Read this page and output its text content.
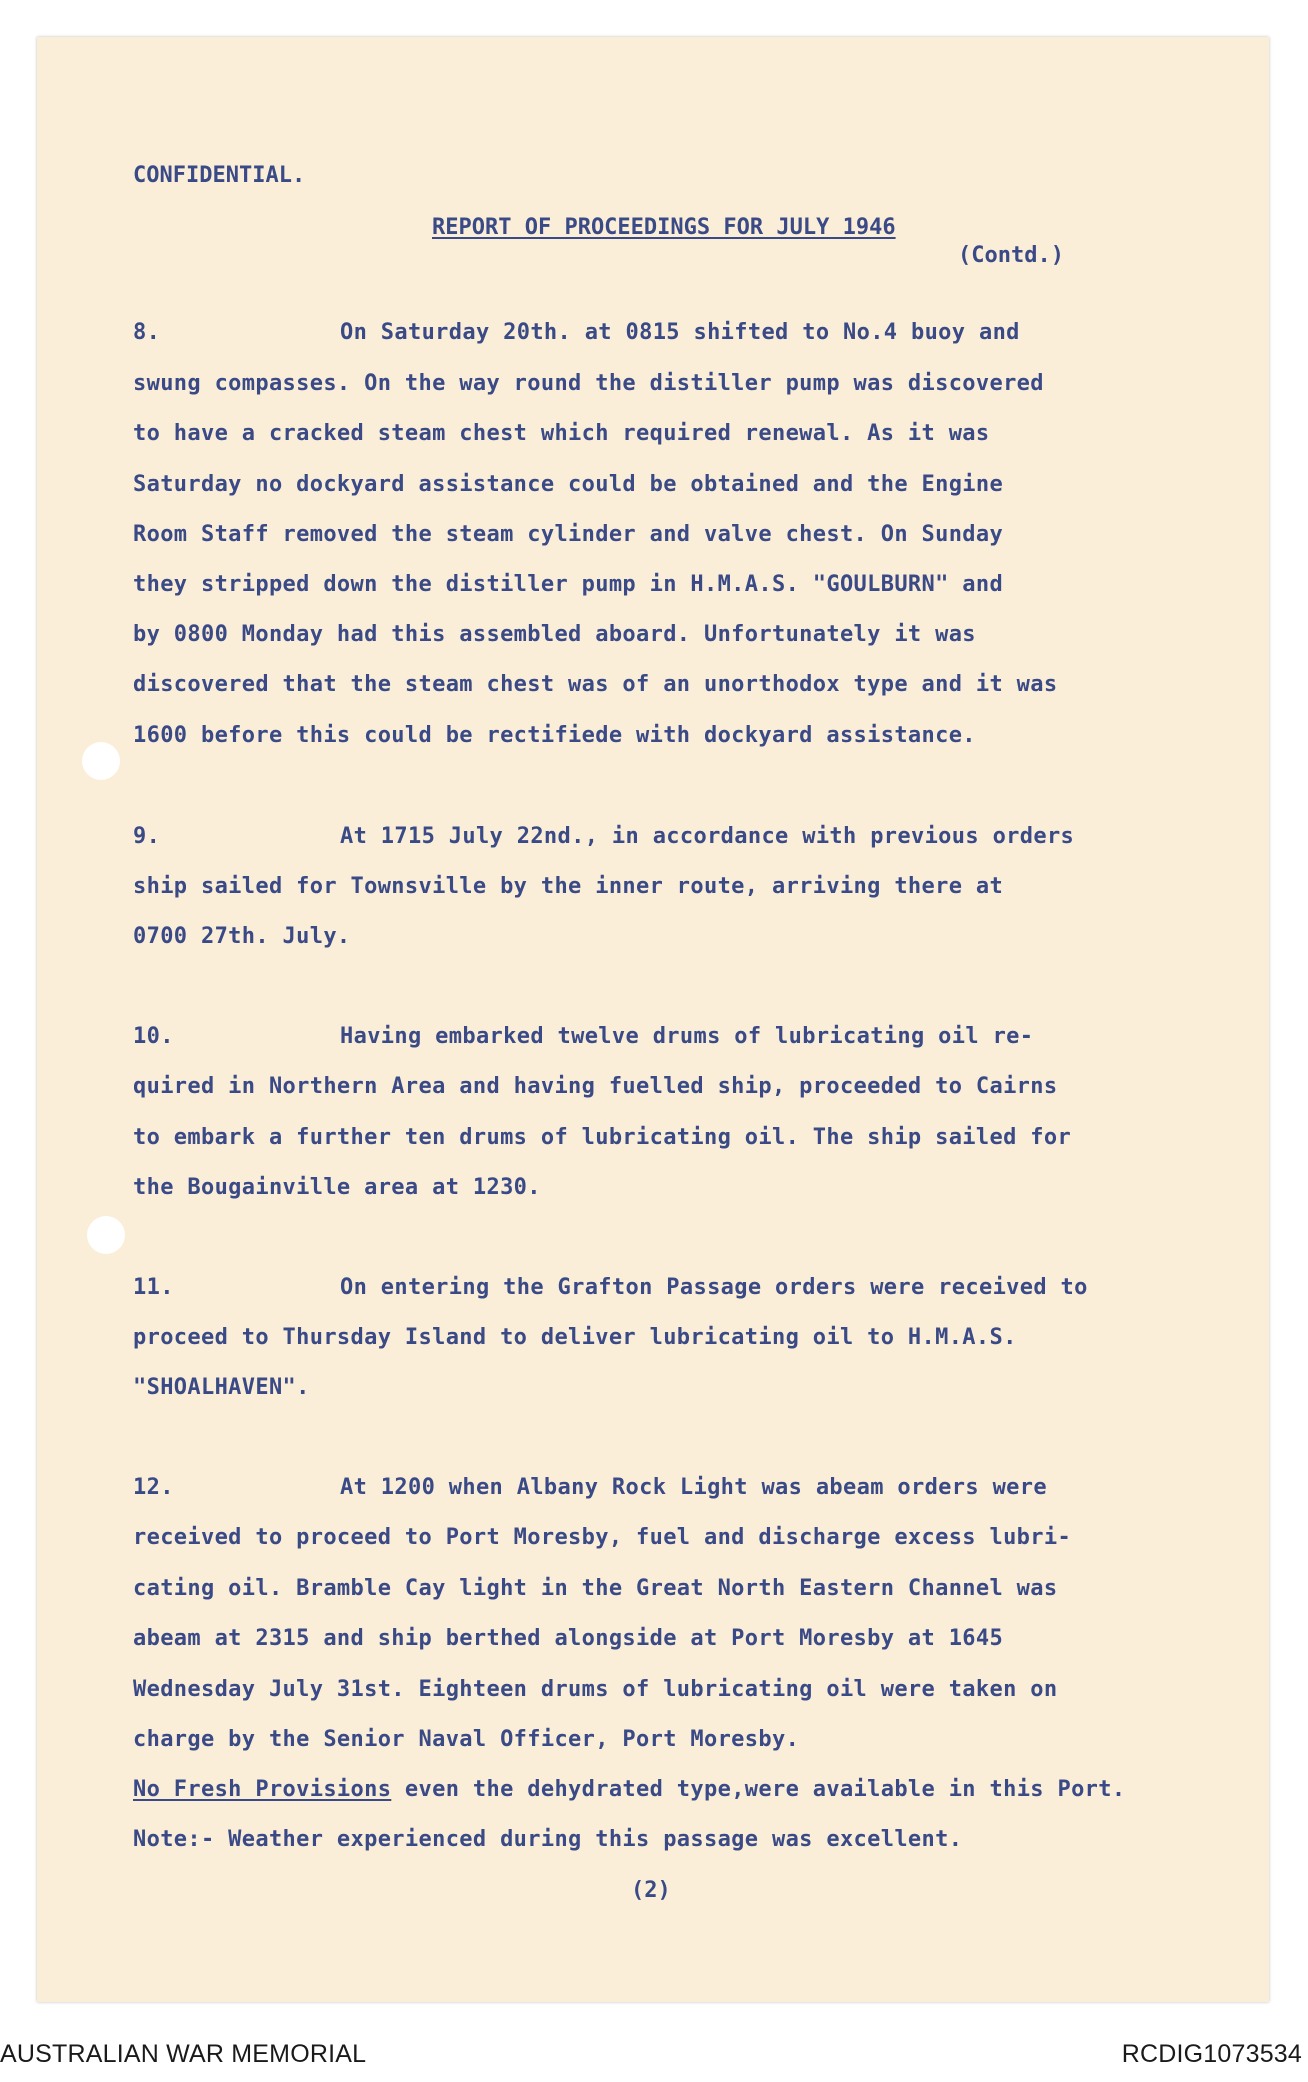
CONFIDENTIAL.
REPORT OF PROCEEDINGS FOR JULY 1946
(Contd.)
8.	On Saturday 20th. at 0815 shifted to No.4 buoy and
swung compasses. On the way round the distiller pump was discovered
to have a cracked steam chest which required renewal. As it was
Saturday no dockyard assistance could be obtained and the Engine
Room Staff removed the steam cylinder and valve chest. On Sunday
they stripped down the distiller pump in H.M.A.S. "GOULBURN" and
by 0800 Monday had this assembled aboard. Unfortunately it was
discovered that the steam chest was of an unorthodox type and it was
1600 before this could be rectifiede with dockyard assistance.
9.	At 1715 July 22nd., in accordance with previous orders
ship sailed for Townsville by the inner route, arriving there at
0700 27th. July.
10.	Having embarked twelve drums of lubricating oil re-
quired in Northern Area and having fuelled ship, proceeded to Cairns
to embark a further ten drums of lubricating oil. The ship sailed for
the Bougainville area at 1230.
11.	On entering the Grafton Passage orders were received to
proceed to Thursday Island to deliver lubricating oil to H.M.A.S.
"SHOALHAVEN".
12.	At 1200 when Albany Rock Light was abeam orders were
received to proceed to Port Moresby, fuel and discharge excess lubri-
cating oil. Bramble Cay light in the Great North Eastern Channel was
abeam at 2315 and ship berthed alongside at Port Moresby at 1645
Wednesday July 31st. Eighteen drums of lubricating oil were taken on
charge by the Senior Naval Officer, Port Moresby.
No Fresh Provisions even the dehydrated type,were available in this Port.
Note:- Weather experienced during this passage was excellent.
(2)
AUSTRALIAN WAR MEMORIAL	RCDIG1073534
